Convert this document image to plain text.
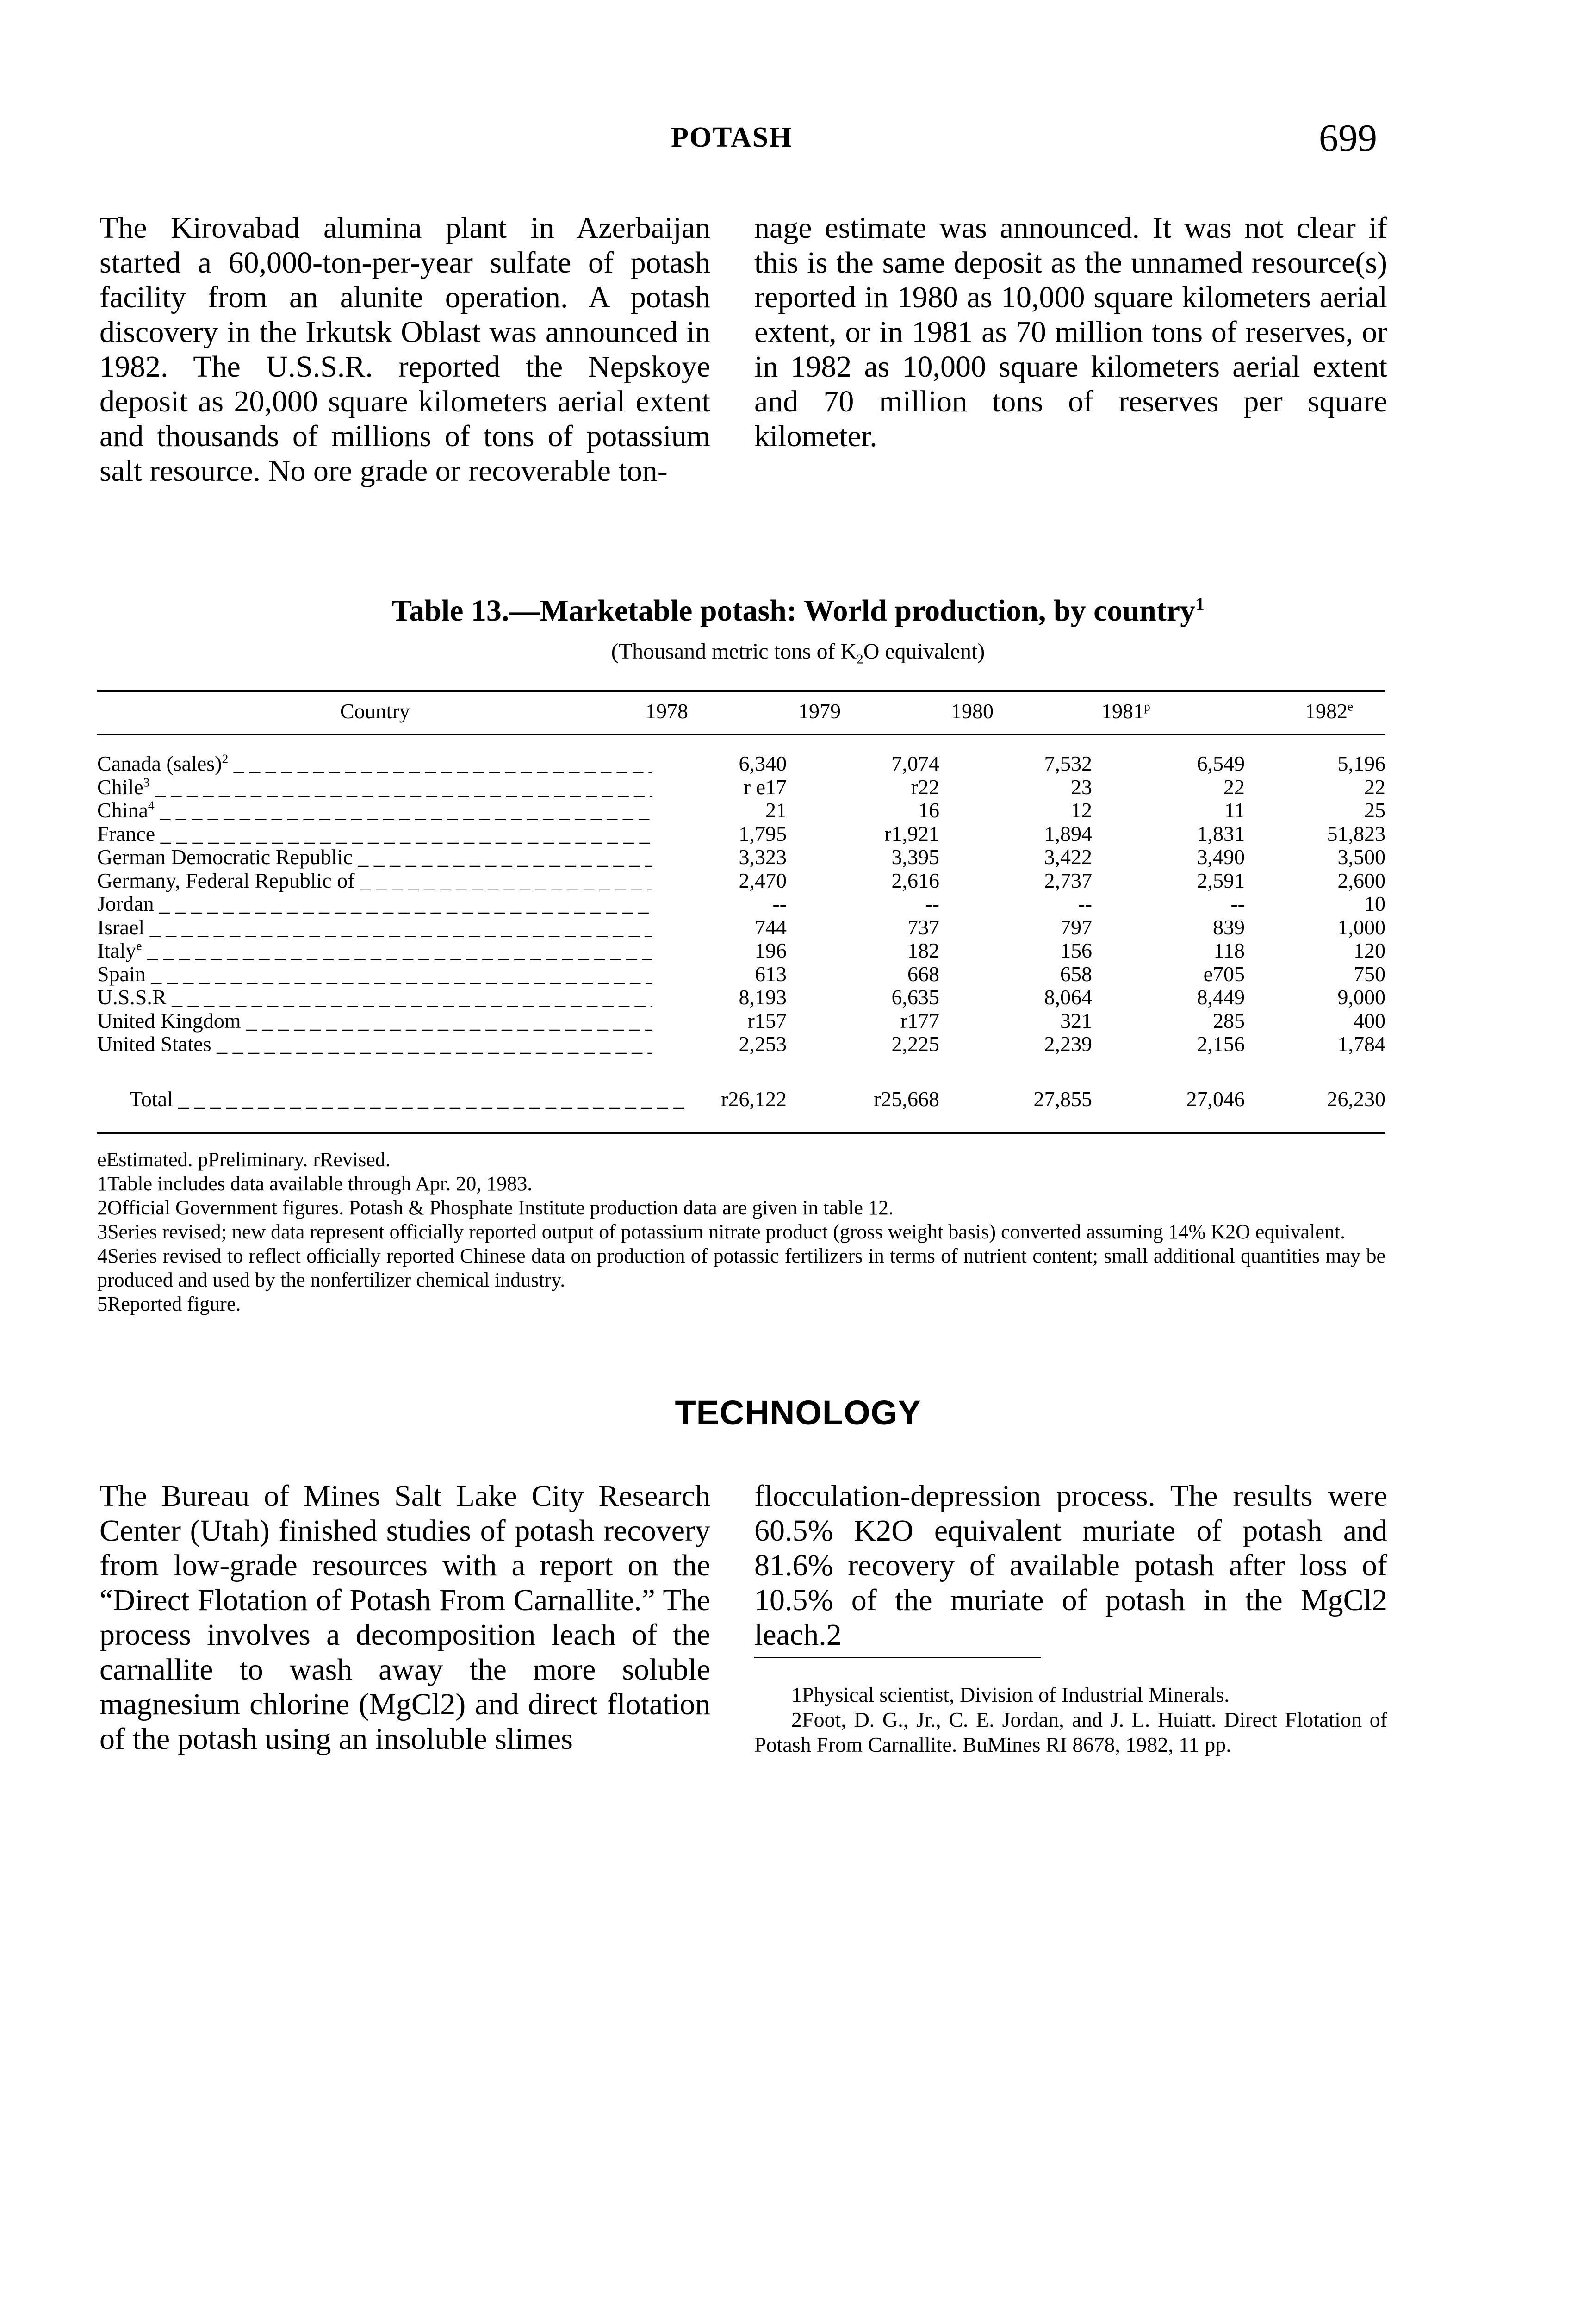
POTASH	699
The Kirovabad alumina plant in Azerbaijan started a 60,000-ton-per-year sulfate of potash facility from an alunite operation. A potash discovery in the Irkutsk Oblast was announced in 1982. The U.S.S.R. reported the Nepskoye deposit as 20,000 square kilometers aerial extent and thousands of millions of tons of potassium salt resource. No ore grade or recoverable ton-
nage estimate was announced. It was not clear if this is the same deposit as the unnamed resource(s) reported in 1980 as 10,000 square kilometers aerial extent, or in 1981 as 70 million tons of reserves, or in 1982 as 10,000 square kilometers aerial extent and 70 million tons of reserves per square kilometer.
Table 13.—Marketable potash: World production, by country$^1$
(Thousand metric tons of $K_2O$ equivalent)
Country	1978	1979	1980	1981$^p$	1982e
Canada (sales)$^2$ _ _ _	6,340	7,074	7,532	6,549	5,196
Chile$^3$ _ _ _	r e17	r22	23	22	22
China$^4$ _ _ _	21	16	12	11	25
France _ _ _	1,795	r1,921	1,894	1,831	51,823
German Democratic Republic _ _ _	3,323	3,395	3,422	3,490	3,500
Germany, Federal Republic of _ _ _	2,470	2,616	2,737	2,591	2,600
Jordan _ _ _	--	--	--	--	10
Israel _ _ _	744	737	797	839	1,000
Italy$^e$ _ _ _	196	182	156	118	120
Spain _ _ _	613	668	658	e705	750
U.S.S.R _ _ _	8,193	6,635	8,064	8,449	9,000
United Kingdom _ _ _	r157	r177	321	285	400
United States _ _ _	2,253	2,225	2,239	2,156	1,784
Total _ _ _	r26,122	r25,668	27,855	27,046	26,230

eEstimated. pPreliminary. rRevised.

1Table includes data available through Apr. 20, 1983.

2Official Government figures. Potash & Phosphate Institute production data are given in table 12.

3Series revised; new data represent officially reported output of potassium nitrate product (gross weight basis) converted assuming 14% K2O equivalent.

4Series revised to reflect officially reported Chinese data on production of potassic fertilizers in terms of nutrient content; small additional quantities may be produced and used by the nonfertilizer chemical industry.

5Reported figure.

TECHNOLOGY
The Bureau of Mines Salt Lake City Research Center (Utah) finished studies of potash recovery from low-grade resources with a report on the “Direct Flotation of Potash From Carnallite.” The process involves a decomposition leach of the carnallite to wash away the more soluble magnesium chlorine (MgCl2) and direct flotation of the potash using an insoluble slimes
flocculation-depression process. The results were 60.5% K2O equivalent muriate of potash and 81.6% recovery of available potash after loss of 10.5% of the muriate of potash in the MgCl2 leach.2

1Physical scientist, Division of Industrial Minerals.

2Foot, D. G., Jr., C. E. Jordan, and J. L. Huiatt. Direct Flotation of Potash From Carnallite. BuMines RI 8678, 1982, 11 pp.
